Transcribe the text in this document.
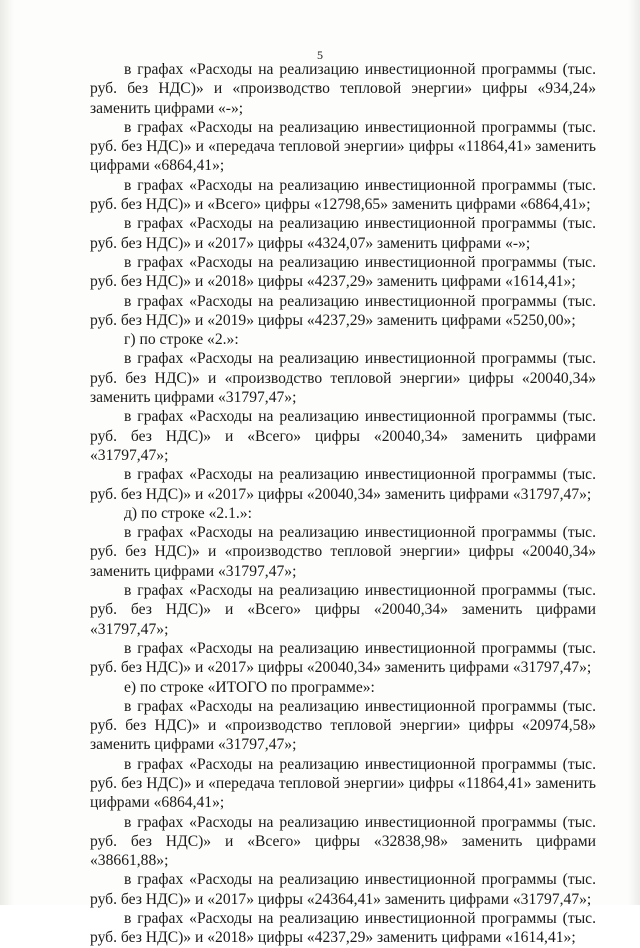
5

в графах «Расходы на реализацию инвестиционной программы (тыс. руб. без НДС)» и «производство тепловой энергии» цифры «934,24» заменить цифрами «-»;

в графах «Расходы на реализацию инвестиционной программы (тыс. руб. без НДС)» и «передача тепловой энергии» цифры «11864,41» заменить цифрами «6864,41»;

в графах «Расходы на реализацию инвестиционной программы (тыс. руб. без НДС)» и «Всего» цифры «12798,65» заменить цифрами «6864,41»;

в графах «Расходы на реализацию инвестиционной программы (тыс. руб. без НДС)» и «2017» цифры «4324,07» заменить цифрами «-»;

в графах «Расходы на реализацию инвестиционной программы (тыс. руб. без НДС)» и «2018» цифры «4237,29» заменить цифрами «1614,41»;

в графах «Расходы на реализацию инвестиционной программы (тыс. руб. без НДС)» и «2019» цифры «4237,29» заменить цифрами «5250,00»;

г) по строке «2.»:

в графах «Расходы на реализацию инвестиционной программы (тыс. руб. без НДС)» и «производство тепловой энергии» цифры «20040,34» заменить цифрами «31797,47»;

в графах «Расходы на реализацию инвестиционной программы (тыс. руб. без НДС)» и «Всего» цифры «20040,34» заменить цифрами «31797,47»;

в графах «Расходы на реализацию инвестиционной программы (тыс. руб. без НДС)» и «2017» цифры «20040,34» заменить цифрами «31797,47»;

д) по строке «2.1.»:

в графах «Расходы на реализацию инвестиционной программы (тыс. руб. без НДС)» и «производство тепловой энергии» цифры «20040,34» заменить цифрами «31797,47»;

в графах «Расходы на реализацию инвестиционной программы (тыс. руб. без НДС)» и «Всего» цифры «20040,34» заменить цифрами «31797,47»;

в графах «Расходы на реализацию инвестиционной программы (тыс. руб. без НДС)» и «2017» цифры «20040,34» заменить цифрами «31797,47»;

е) по строке «ИТОГО по программе»:

в графах «Расходы на реализацию инвестиционной программы (тыс. руб. без НДС)» и «производство тепловой энергии» цифры «20974,58» заменить цифрами «31797,47»;

в графах «Расходы на реализацию инвестиционной программы (тыс. руб. без НДС)» и «передача тепловой энергии» цифры «11864,41» заменить цифрами «6864,41»;

в графах «Расходы на реализацию инвестиционной программы (тыс. руб. без НДС)» и «Всего» цифры «32838,98» заменить цифрами «38661,88»;

в графах «Расходы на реализацию инвестиционной программы (тыс. руб. без НДС)» и «2017» цифры «24364,41» заменить цифрами «31797,47»;

в графах «Расходы на реализацию инвестиционной программы (тыс. руб. без НДС)» и «2018» цифры «4237,29» заменить цифрами «1614,41»;
